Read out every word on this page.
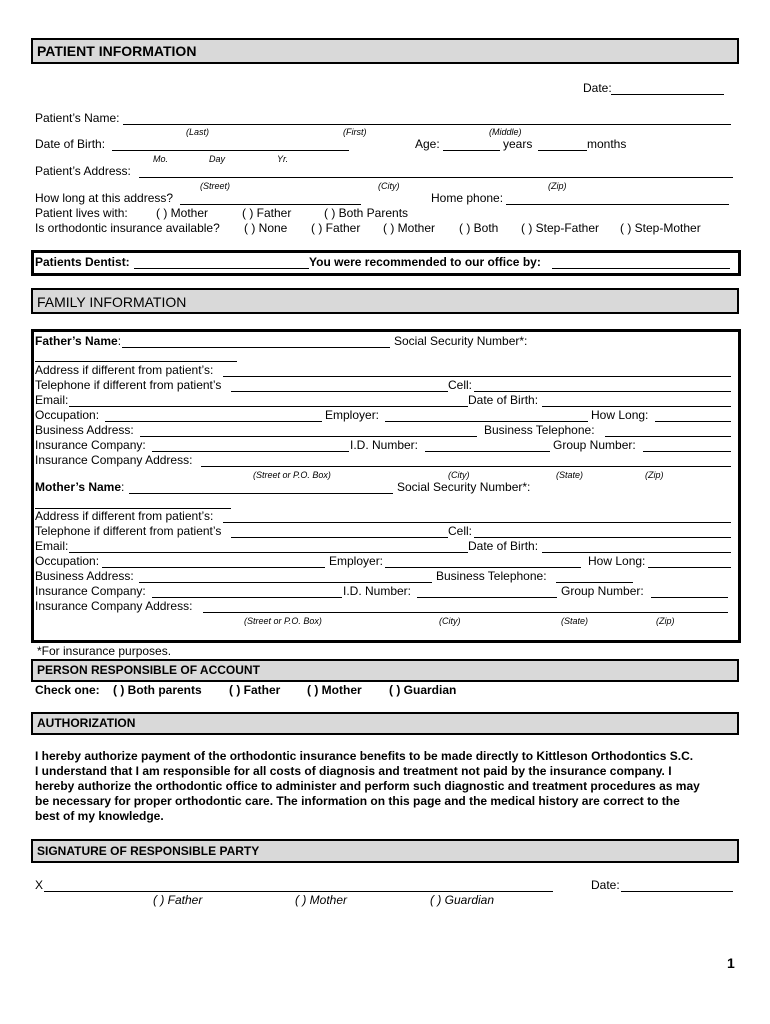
PATIENT INFORMATION
Date:
Patient’s Name:
(Last)	(First)	(Middle)
Date of Birth:	Age:	years	months
Mo.	Day	Yr.
Patient’s Address:
(Street)	(City)	(Zip)
How long at this address?	Home phone:
Patient lives with: ( ) Mother	( ) Father	( ) Both Parents
Is orthodontic insurance available? ( ) None ( ) Father ( ) Mother ( ) Both ( ) Step-Father ( ) Step-Mother
Patients Dentist:	You were recommended to our office by:
FAMILY INFORMATION
Father’s Name:	Social Security Number*:
Address if different from patient’s:
Telephone if different from patient’s	Cell:
Email:	Date of Birth:
Occupation:	Employer:	How Long:
Business Address:	Business Telephone:
Insurance Company:	I.D. Number:	Group Number:
Insurance Company Address:
(Street or P.O. Box)	(City)	(State)	(Zip)
Mother’s Name:	Social Security Number*:
Address if different from patient’s:
Telephone if different from patient’s	Cell:
Email:	Date of Birth:
Occupation:	Employer:	How Long:
Business Address:	Business Telephone:
Insurance Company:	I.D. Number:	Group Number:
Insurance Company Address:
(Street or P.O. Box)	(City)	(State)	(Zip)
*For insurance purposes.
PERSON RESPONSIBLE OF ACCOUNT
Check one: ( ) Both parents ( ) Father ( ) Mother ( ) Guardian
AUTHORIZATION
I hereby authorize payment of the orthodontic insurance benefits to be made directly to Kittleson Orthodontics S.C.
I understand that I am responsible for all costs of diagnosis and treatment not paid by the insurance company. I
hereby authorize the orthodontic office to administer and perform such diagnostic and treatment procedures as may
be necessary for proper orthodontic care. The information on this page and the medical history are correct to the
best of my knowledge.
SIGNATURE OF RESPONSIBLE PARTY
X	Date:
( ) Father	( ) Mother	( ) Guardian
1
